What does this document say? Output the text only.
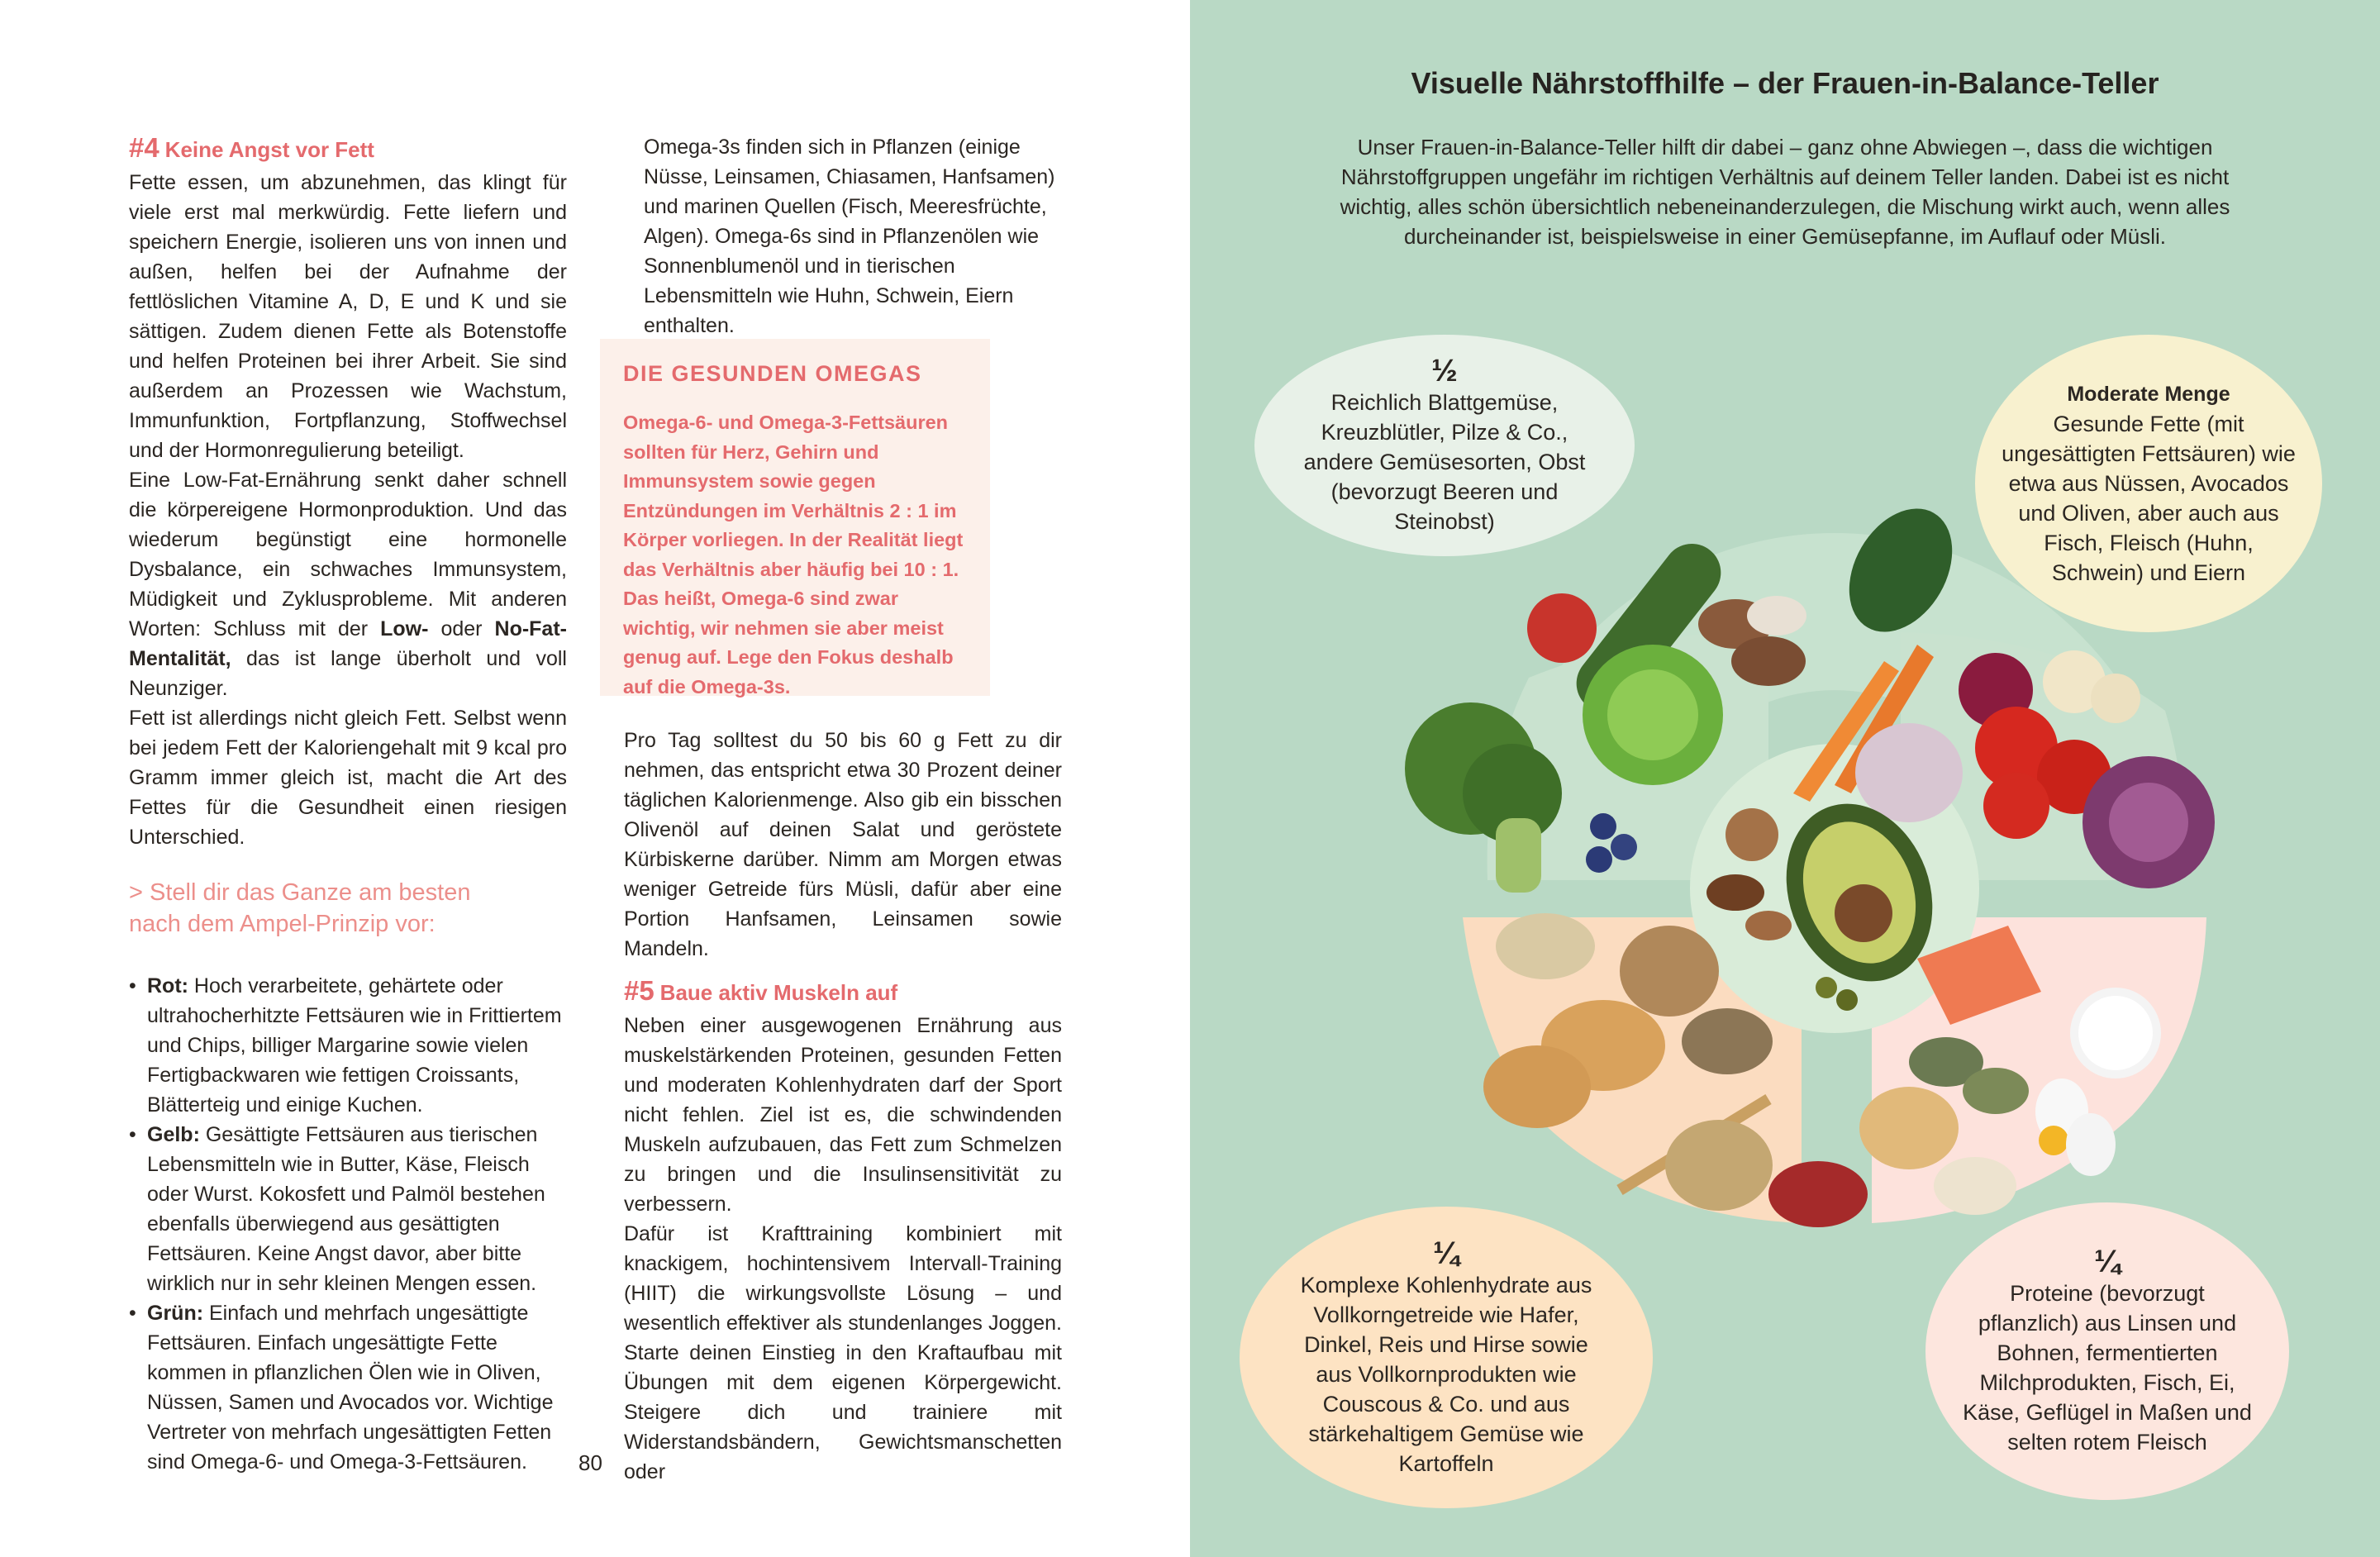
#4 Keine Angst vor Fett

Fette essen, um abzunehmen, das klingt für viele erst mal merkwürdig. Fette liefern und speichern Energie, isolieren uns von innen und außen, helfen bei der Aufnahme der fettlöslichen Vitamine A, D, E und K und sie sättigen. Zudem dienen Fette als Botenstoffe und helfen Proteinen bei ihrer Arbeit. Sie sind außerdem an Prozessen wie Wachstum, Immunfunktion, Fortpflanzung, Stoffwechsel und der Hormonregulierung beteiligt.

Eine Low-Fat-Ernährung senkt daher schnell die körpereigene Hormonproduktion. Und das wiederum begünstigt eine hormonelle Dysbalance, ein schwaches Immunsystem, Müdigkeit und Zyklusprobleme. Mit anderen Worten: Schluss mit der Low- oder No-Fat-Mentalität, das ist lange überholt und voll Neunziger.

Fett ist allerdings nicht gleich Fett. Selbst wenn bei jedem Fett der Kaloriengehalt mit 9 kcal pro Gramm immer gleich ist, macht die Art des Fettes für die Gesundheit einen riesigen Unterschied.

> Stell dir das Ganze am besten
nach dem Ampel-Prinzip vor:
• Rot: Hoch verarbeitete, gehärtete oder ultrahocherhitzte Fettsäuren wie in Frittiertem und Chips, billiger Margarine sowie vielen Fertigbackwaren wie fettigen Croissants, Blätterteig und einige Kuchen.
• Gelb: Gesättigte Fettsäuren aus tierischen Lebensmitteln wie in Butter, Käse, Fleisch oder Wurst. Kokosfett und Palmöl bestehen ebenfalls überwiegend aus gesättigten Fettsäuren. Keine Angst davor, aber bitte wirklich nur in sehr kleinen Mengen essen.
• Grün: Einfach und mehrfach ungesättigte Fettsäuren. Einfach ungesättigte Fette kommen in pflanzlichen Ölen wie in Oliven, Nüssen, Samen und Avocados vor. Wichtige Vertreter von mehrfach ungesättigten Fetten sind Omega-6- und Omega-3-Fettsäuren.

Omega-3s finden sich in Pflanzen (einige Nüsse, Leinsamen, Chiasamen, Hanfsamen) und marinen Quellen (Fisch, Meeresfrüchte, Algen). Omega-6s sind in Pflanzenölen wie Sonnenblumenöl und in tierischen Lebensmitteln wie Huhn, Schwein, Eiern enthalten.

DIE GESUNDEN OMEGAS
Omega-6- und Omega-3-Fettsäuren sollten für Herz, Gehirn und Immunsystem sowie gegen Entzündungen im Verhältnis 2 : 1 im Körper vorliegen. In der Realität liegt das Verhältnis aber häufig bei 10 : 1. Das heißt, Omega-6 sind zwar wichtig, wir nehmen sie aber meist genug auf. Lege den Fokus deshalb auf die Omega-3s.

Pro Tag solltest du 50 bis 60 g Fett zu dir nehmen, das entspricht etwa 30 Prozent deiner täglichen Kalorienmenge. Also gib ein bisschen Olivenöl auf deinen Salat und geröstete Kürbiskerne darüber. Nimm am Morgen etwas weniger Getreide fürs Müsli, dafür aber eine Portion Hanfsamen, Leinsamen sowie Mandeln.

#5 Baue aktiv Muskeln auf

Neben einer ausgewogenen Ernährung aus muskelstärkenden Proteinen, gesunden Fetten und moderaten Kohlenhydraten darf der Sport nicht fehlen. Ziel ist es, die schwindenden Muskeln aufzubauen, das Fett zum Schmelzen zu bringen und die Insulinsensitivität zu verbessern.

Dafür ist Krafttraining kombiniert mit knackigem, hochintensivem Intervall-Training (HIIT) die wirkungsvollste Lösung – und wesentlich effektiver als stundenlanges Joggen. Starte deinen Einstieg in den Kraftaufbau mit Übungen mit dem eigenen Körpergewicht. Steigere dich und trainiere mit Widerstandsbändern, Gewichtsmanschetten oder

80
Visuelle Nährstoffhilfe – der Frauen-in-Balance-Teller
Unser Frauen-in-Balance-Teller hilft dir dabei – ganz ohne Abwiegen –, dass die wichtigen Nährstoffgruppen ungefähr im richtigen Verhältnis auf deinem Teller landen. Dabei ist es nicht wichtig, alles schön übersichtlich nebeneinanderzulegen, die Mischung wirkt auch, wenn alles durcheinander ist, beispielsweise in einer Gemüsepfanne, im Auflauf oder Müsli.
½
Reichlich Blattgemüse, Kreuzblütler, Pilze & Co., andere Gemüsesorten, Obst (bevorzugt Beeren und Steinobst)
Moderate Menge
Gesunde Fette (mit ungesättigten Fettsäuren) wie etwa aus Nüssen, Avocados und Oliven, aber auch aus Fisch, Fleisch (Huhn, Schwein) und Eiern
¼
Komplexe Kohlenhydrate aus Vollkorngetreide wie Hafer, Dinkel, Reis und Hirse sowie aus Vollkornprodukten wie Couscous & Co. und aus stärkehaltigem Gemüse wie Kartoffeln
¼
Proteine (bevorzugt pflanzlich) aus Linsen und Bohnen, fermentierten Milchprodukten, Fisch, Ei, Käse, Geflügel in Maßen und selten rotem Fleisch
